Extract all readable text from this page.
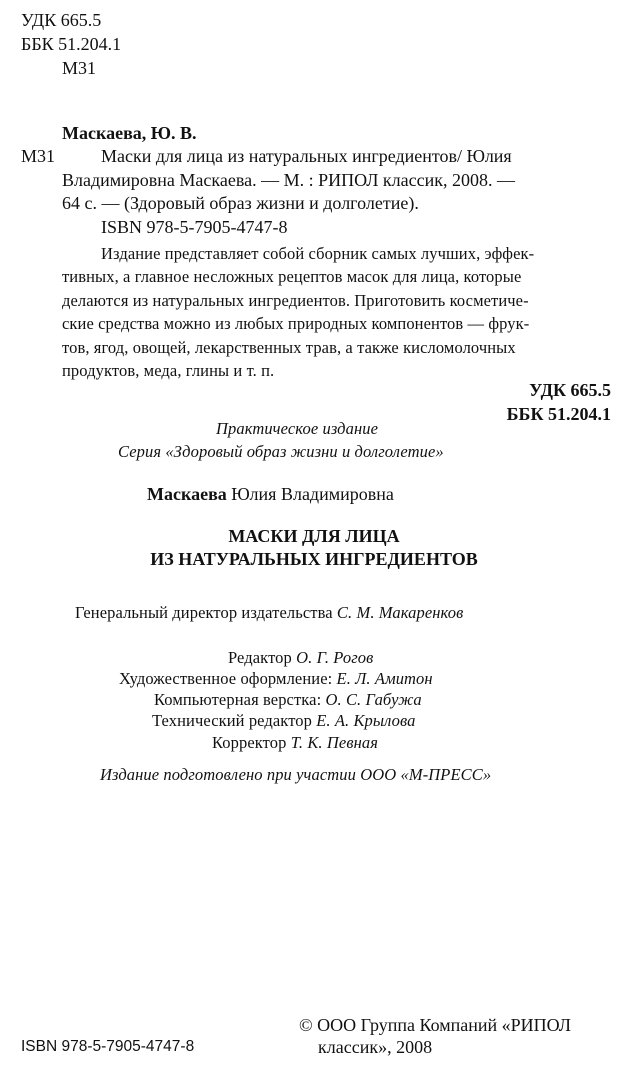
УДК 665.5
ББК 51.204.1
М31
Маскаева, Ю. В.
М31	Маски для лица из натуральных ингредиентов/ Юлия
Владимировна Маскаева. — М. : РИПОЛ классик, 2008. —
64 с. — (Здоровый образ жизни и долголетие).
ISBN 978-5-7905-4747-8
Издание представляет собой сборник самых лучших, эффек-
тивных, а главное несложных рецептов масок для лица, которые
делаются из натуральных ингредиентов. Приготовить косметиче-
ские средства можно из любых природных компонентов — фрук-
тов, ягод, овощей, лекарственных трав, а также кисломолочных
продуктов, меда, глины и т. п.
УДК 665.5
ББК 51.204.1
Практическое издание
Серия «Здоровый образ жизни и долголетие»
Маскаева Юлия Владимировна
МАСКИ ДЛЯ ЛИЦА
ИЗ НАТУРАЛЬНЫХ ИНГРЕДИЕНТОВ
Генеральный директор издательства С. М. Макаренков
Редактор О. Г. Рогов
Художественное оформление: Е. Л. Амитон
Компьютерная верстка: О. С. Габужа
Технический редактор Е. А. Крылова
Корректор Т. К. Певная
Издание подготовлено при участии ООО «М-ПРЕСС»
ISBN 978-5-7905-4747-8
© ООО Группа Компаний «РИПОЛ
классик», 2008
